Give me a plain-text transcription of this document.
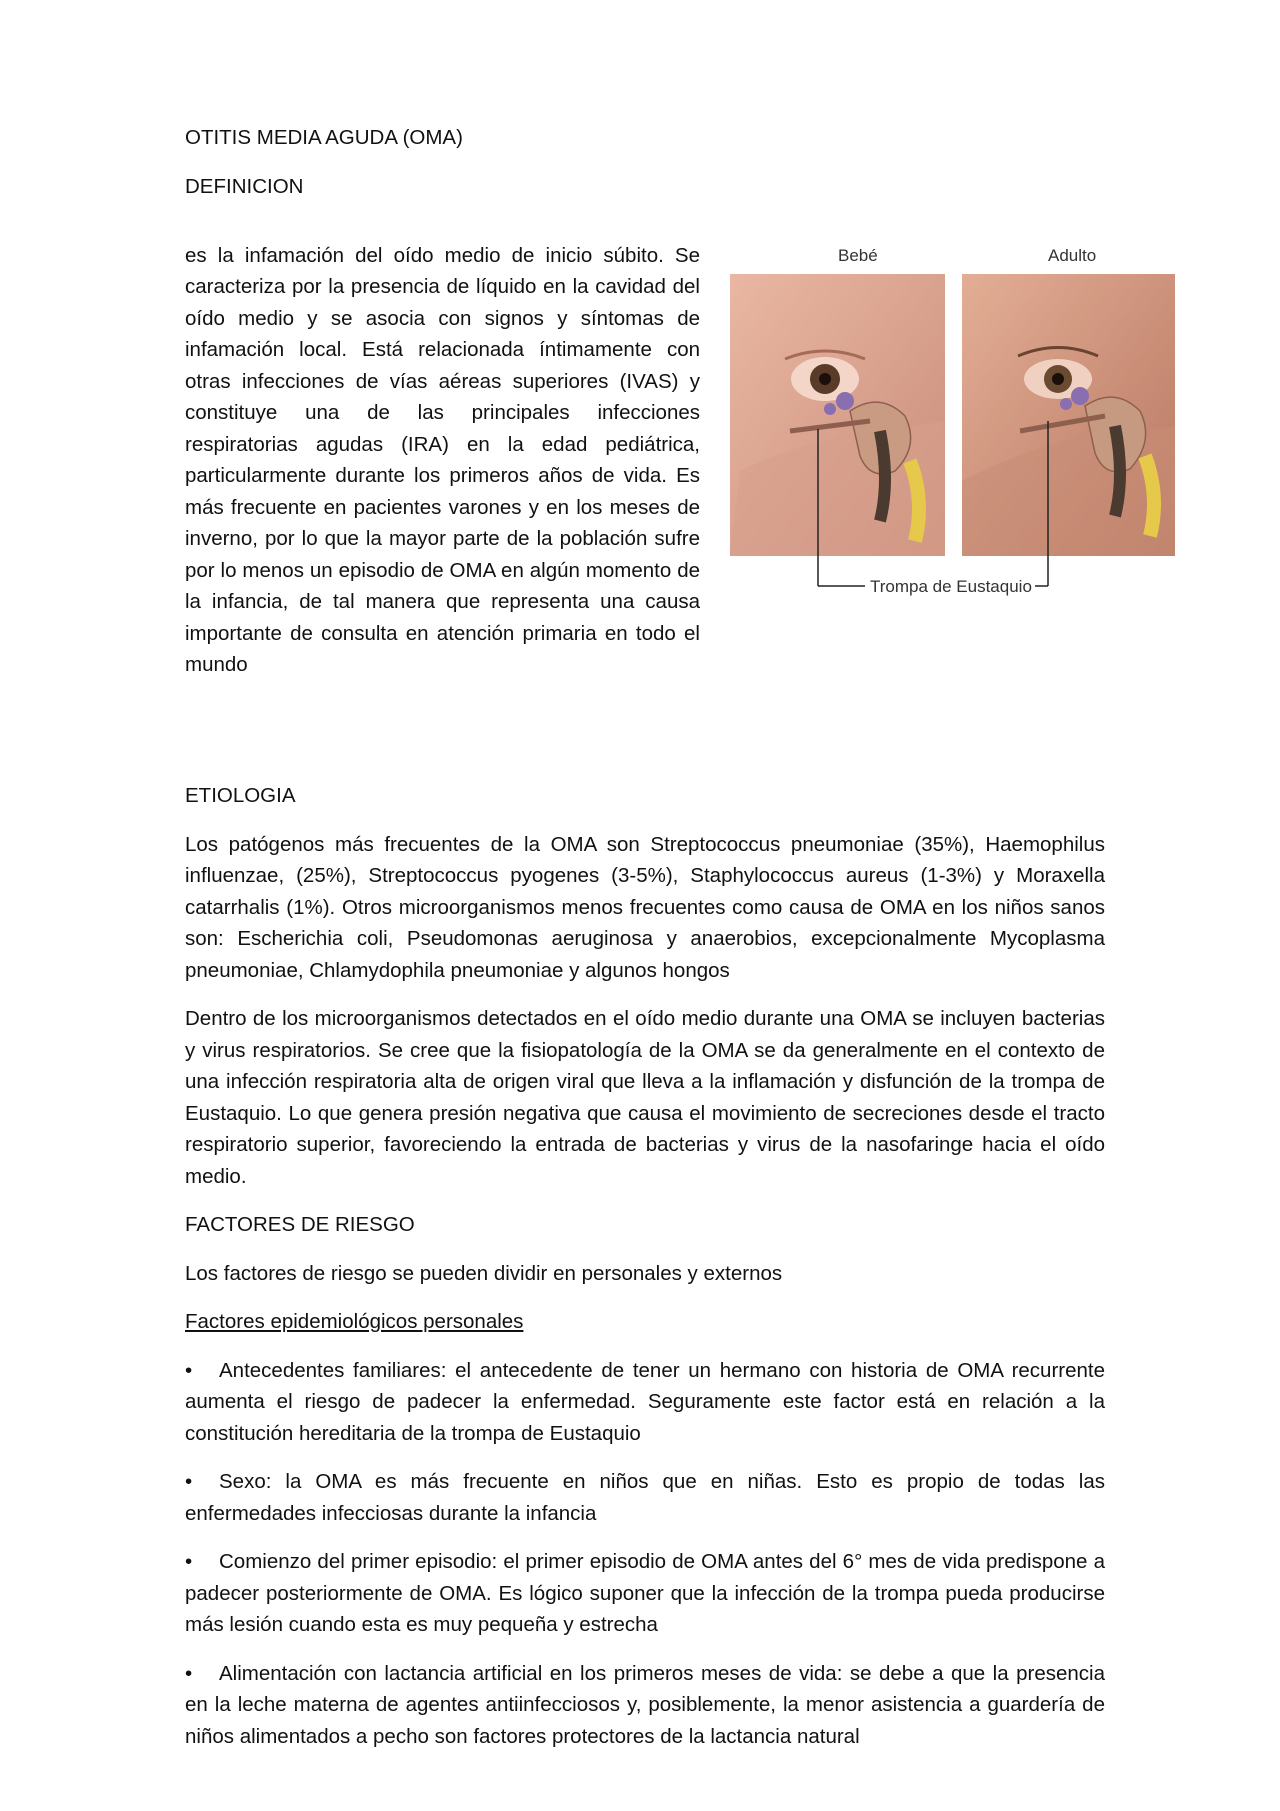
OTITIS MEDIA AGUDA (OMA)

DEFINICION

es la infamación del oído medio de inicio súbito. Se caracteriza por la presencia de líquido en la cavidad del oído medio y se asocia con signos y síntomas de infamación local. Está relacionada íntimamente con otras infecciones de vías aéreas superiores (IVAS) y constituye una de las principales infecciones respiratorias agudas (IRA) en la edad pediátrica, particularmente durante los primeros años de vida. Es más frecuente en pacientes varones y en los meses de inverno, por lo que la mayor parte de la población sufre por lo menos un episodio de OMA en algún momento de la infancia, de tal manera que representa una causa importante de consulta en atención primaria en todo el mundo

Bebé	Adulto
Trompa de Eustaquio

ETIOLOGIA

Los patógenos más frecuentes de la OMA son Streptococcus pneumoniae (35%), Haemophilus influenzae, (25%), Streptococcus pyogenes (3-5%), Staphylococcus aureus (1-3%) y Moraxella catarrhalis (1%). Otros microorganismos menos frecuentes como causa de OMA en los niños sanos son: Escherichia coli, Pseudomonas aeruginosa y anaerobios, excepcionalmente Mycoplasma pneumoniae, Chlamydophila pneumoniae y algunos hongos

Dentro de los microorganismos detectados en el oído medio durante una OMA se incluyen bacterias y virus respiratorios. Se cree que la fisiopatología de la OMA se da generalmente en el contexto de una infección respiratoria alta de origen viral que lleva a la inflamación y disfunción de la trompa de Eustaquio. Lo que genera presión negativa que causa el movimiento de secreciones desde el tracto respiratorio superior, favoreciendo la entrada de bacterias y virus de la nasofaringe hacia el oído medio.

FACTORES DE RIESGO

Los factores de riesgo se pueden dividir en personales y externos

Factores epidemiológicos personales

• Antecedentes familiares: el antecedente de tener un hermano con historia de OMA recurrente aumenta el riesgo de padecer la enfermedad. Seguramente este factor está en relación a la constitución hereditaria de la trompa de Eustaquio

• Sexo: la OMA es más frecuente en niños que en niñas. Esto es propio de todas las enfermedades infecciosas durante la infancia

• Comienzo del primer episodio: el primer episodio de OMA antes del 6° mes de vida predispone a padecer posteriormente de OMA. Es lógico suponer que la infección de la trompa pueda producirse más lesión cuando esta es muy pequeña y estrecha

• Alimentación con lactancia artificial en los primeros meses de vida: se debe a que la presencia en la leche materna de agentes antiinfecciosos y, posiblemente, la menor asistencia a guardería de niños alimentados a pecho son factores protectores de la lactancia natural
